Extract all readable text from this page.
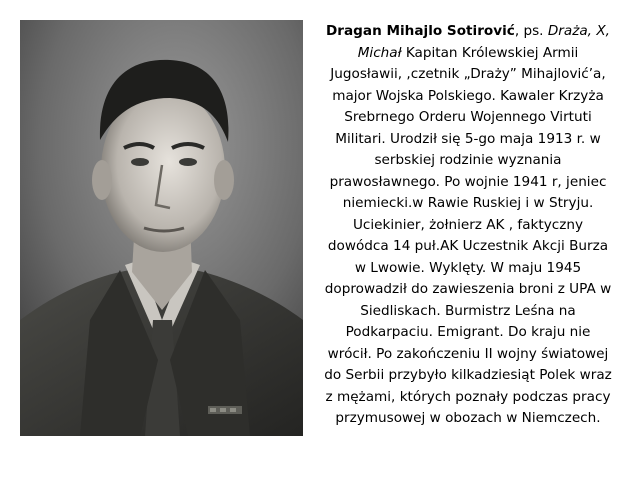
Dragan Mihajlo Sotirović, ps. Draża, X,
Michał Kapitan Królewskiej Armii
Jugosławii, ,czetnik „Draży” Mihajlović’a,
major Wojska Polskiego. Kawaler Krzyża
Srebrnego Orderu Wojennego Virtuti
Militari. Urodził się 5-go maja 1913 r. w
serbskiej rodzinie wyznania
prawosławnego. Po wojnie 1941 r, jeniec
niemiecki.w Rawie Ruskiej i w Stryju.
Uciekinier, żołnierz AK , faktyczny
dowódca 14 puł.AK Uczestnik Akcji Burza
w Lwowie. Wyklęty. W maju 1945
doprowadził do zawieszenia broni z UPA w
Siedliskach. Burmistrz Leśna na
Podkarpaciu. Emigrant. Do kraju nie
wrócił. Po zakończeniu II wojny światowej
do Serbii przybyło kilkadziesiąt Polek wraz
z mężami, których poznały podczas pracy
przymusowej w obozach w Niemczech.
